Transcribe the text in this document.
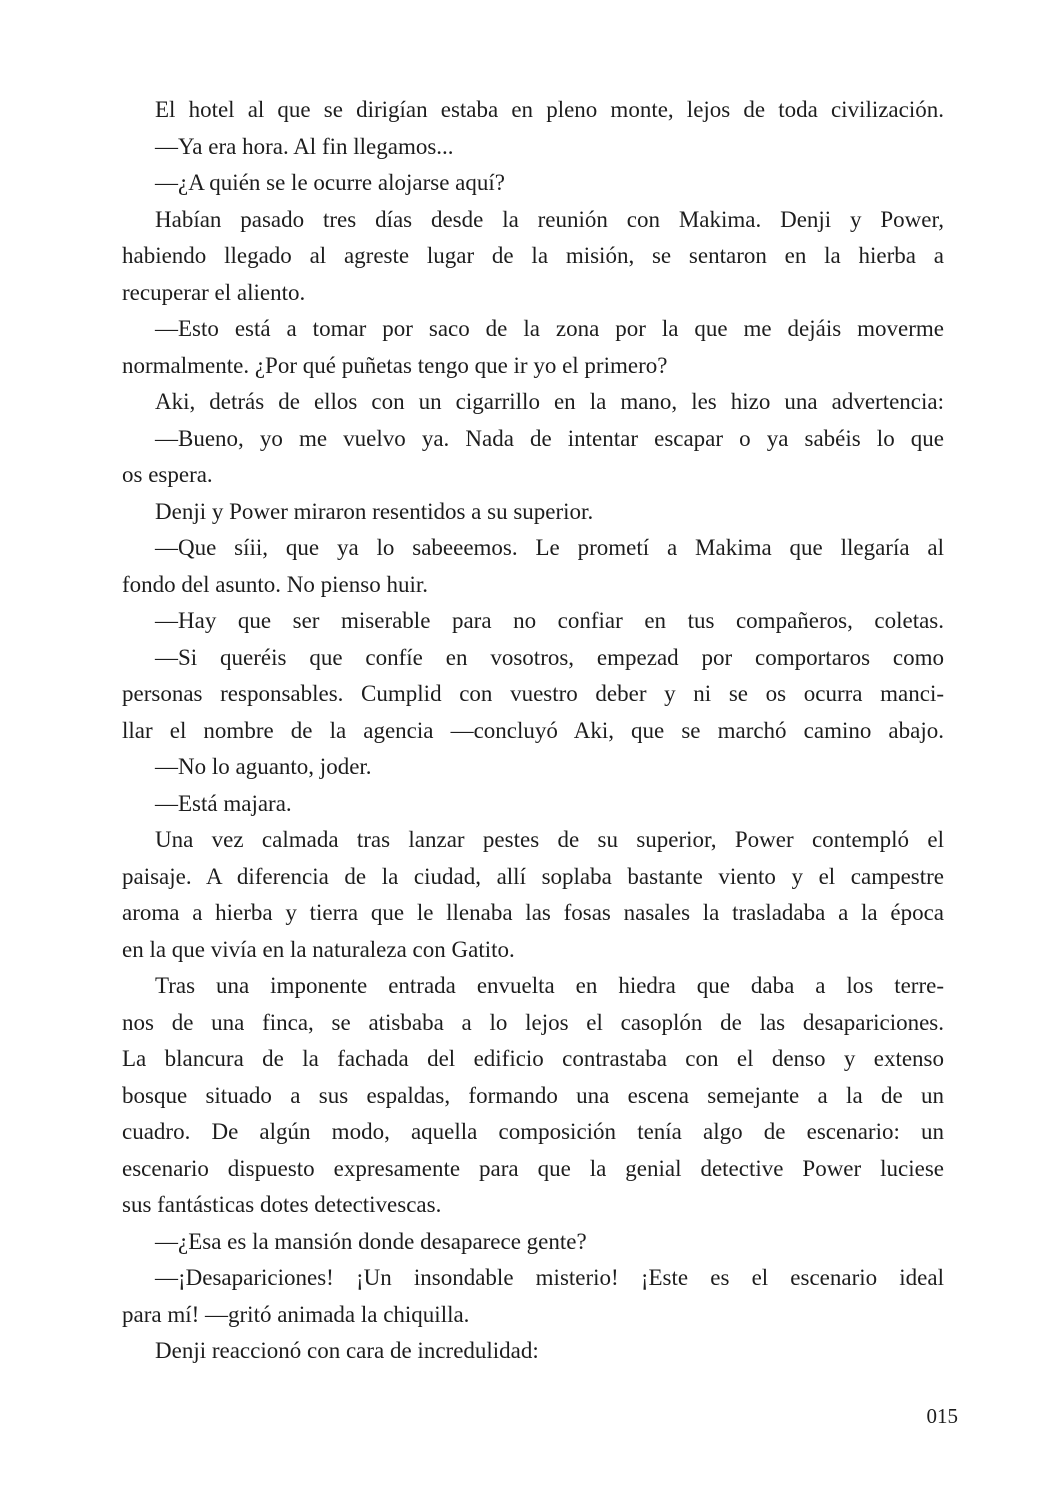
El hotel al que se dirigían estaba en pleno monte, lejos de toda civilización.
—Ya era hora. Al fin llegamos...
—¿A quién se le ocurre alojarse aquí?
Habían pasado tres días desde la reunión con Makima. Denji y Power,
habiendo llegado al agreste lugar de la misión, se sentaron en la hierba a
recuperar el aliento.
—Esto está a tomar por saco de la zona por la que me dejáis moverme
normalmente. ¿Por qué puñetas tengo que ir yo el primero?
Aki, detrás de ellos con un cigarrillo en la mano, les hizo una advertencia:
—Bueno, yo me vuelvo ya. Nada de intentar escapar o ya sabéis lo que
os espera.
Denji y Power miraron resentidos a su superior.
—Que síii, que ya lo sabeeemos. Le prometí a Makima que llegaría al
fondo del asunto. No pienso huir.
—Hay que ser miserable para no confiar en tus compañeros, coletas.
—Si queréis que confíe en vosotros, empezad por comportaros como
personas responsables. Cumplid con vuestro deber y ni se os ocurra manci-
llar el nombre de la agencia —concluyó Aki, que se marchó camino abajo.
—No lo aguanto, joder.
—Está majara.
Una vez calmada tras lanzar pestes de su superior, Power contempló el
paisaje. A diferencia de la ciudad, allí soplaba bastante viento y el campestre
aroma a hierba y tierra que le llenaba las fosas nasales la trasladaba a la época
en la que vivía en la naturaleza con Gatito.
Tras una imponente entrada envuelta en hiedra que daba a los terre-
nos de una finca, se atisbaba a lo lejos el casoplón de las desapariciones.
La blancura de la fachada del edificio contrastaba con el denso y extenso
bosque situado a sus espaldas, formando una escena semejante a la de un
cuadro. De algún modo, aquella composición tenía algo de escenario: un
escenario dispuesto expresamente para que la genial detective Power luciese
sus fantásticas dotes detectivescas.
—¿Esa es la mansión donde desaparece gente?
—¡Desapariciones! ¡Un insondable misterio! ¡Este es el escenario ideal
para mí! —gritó animada la chiquilla.
Denji reaccionó con cara de incredulidad:
015
